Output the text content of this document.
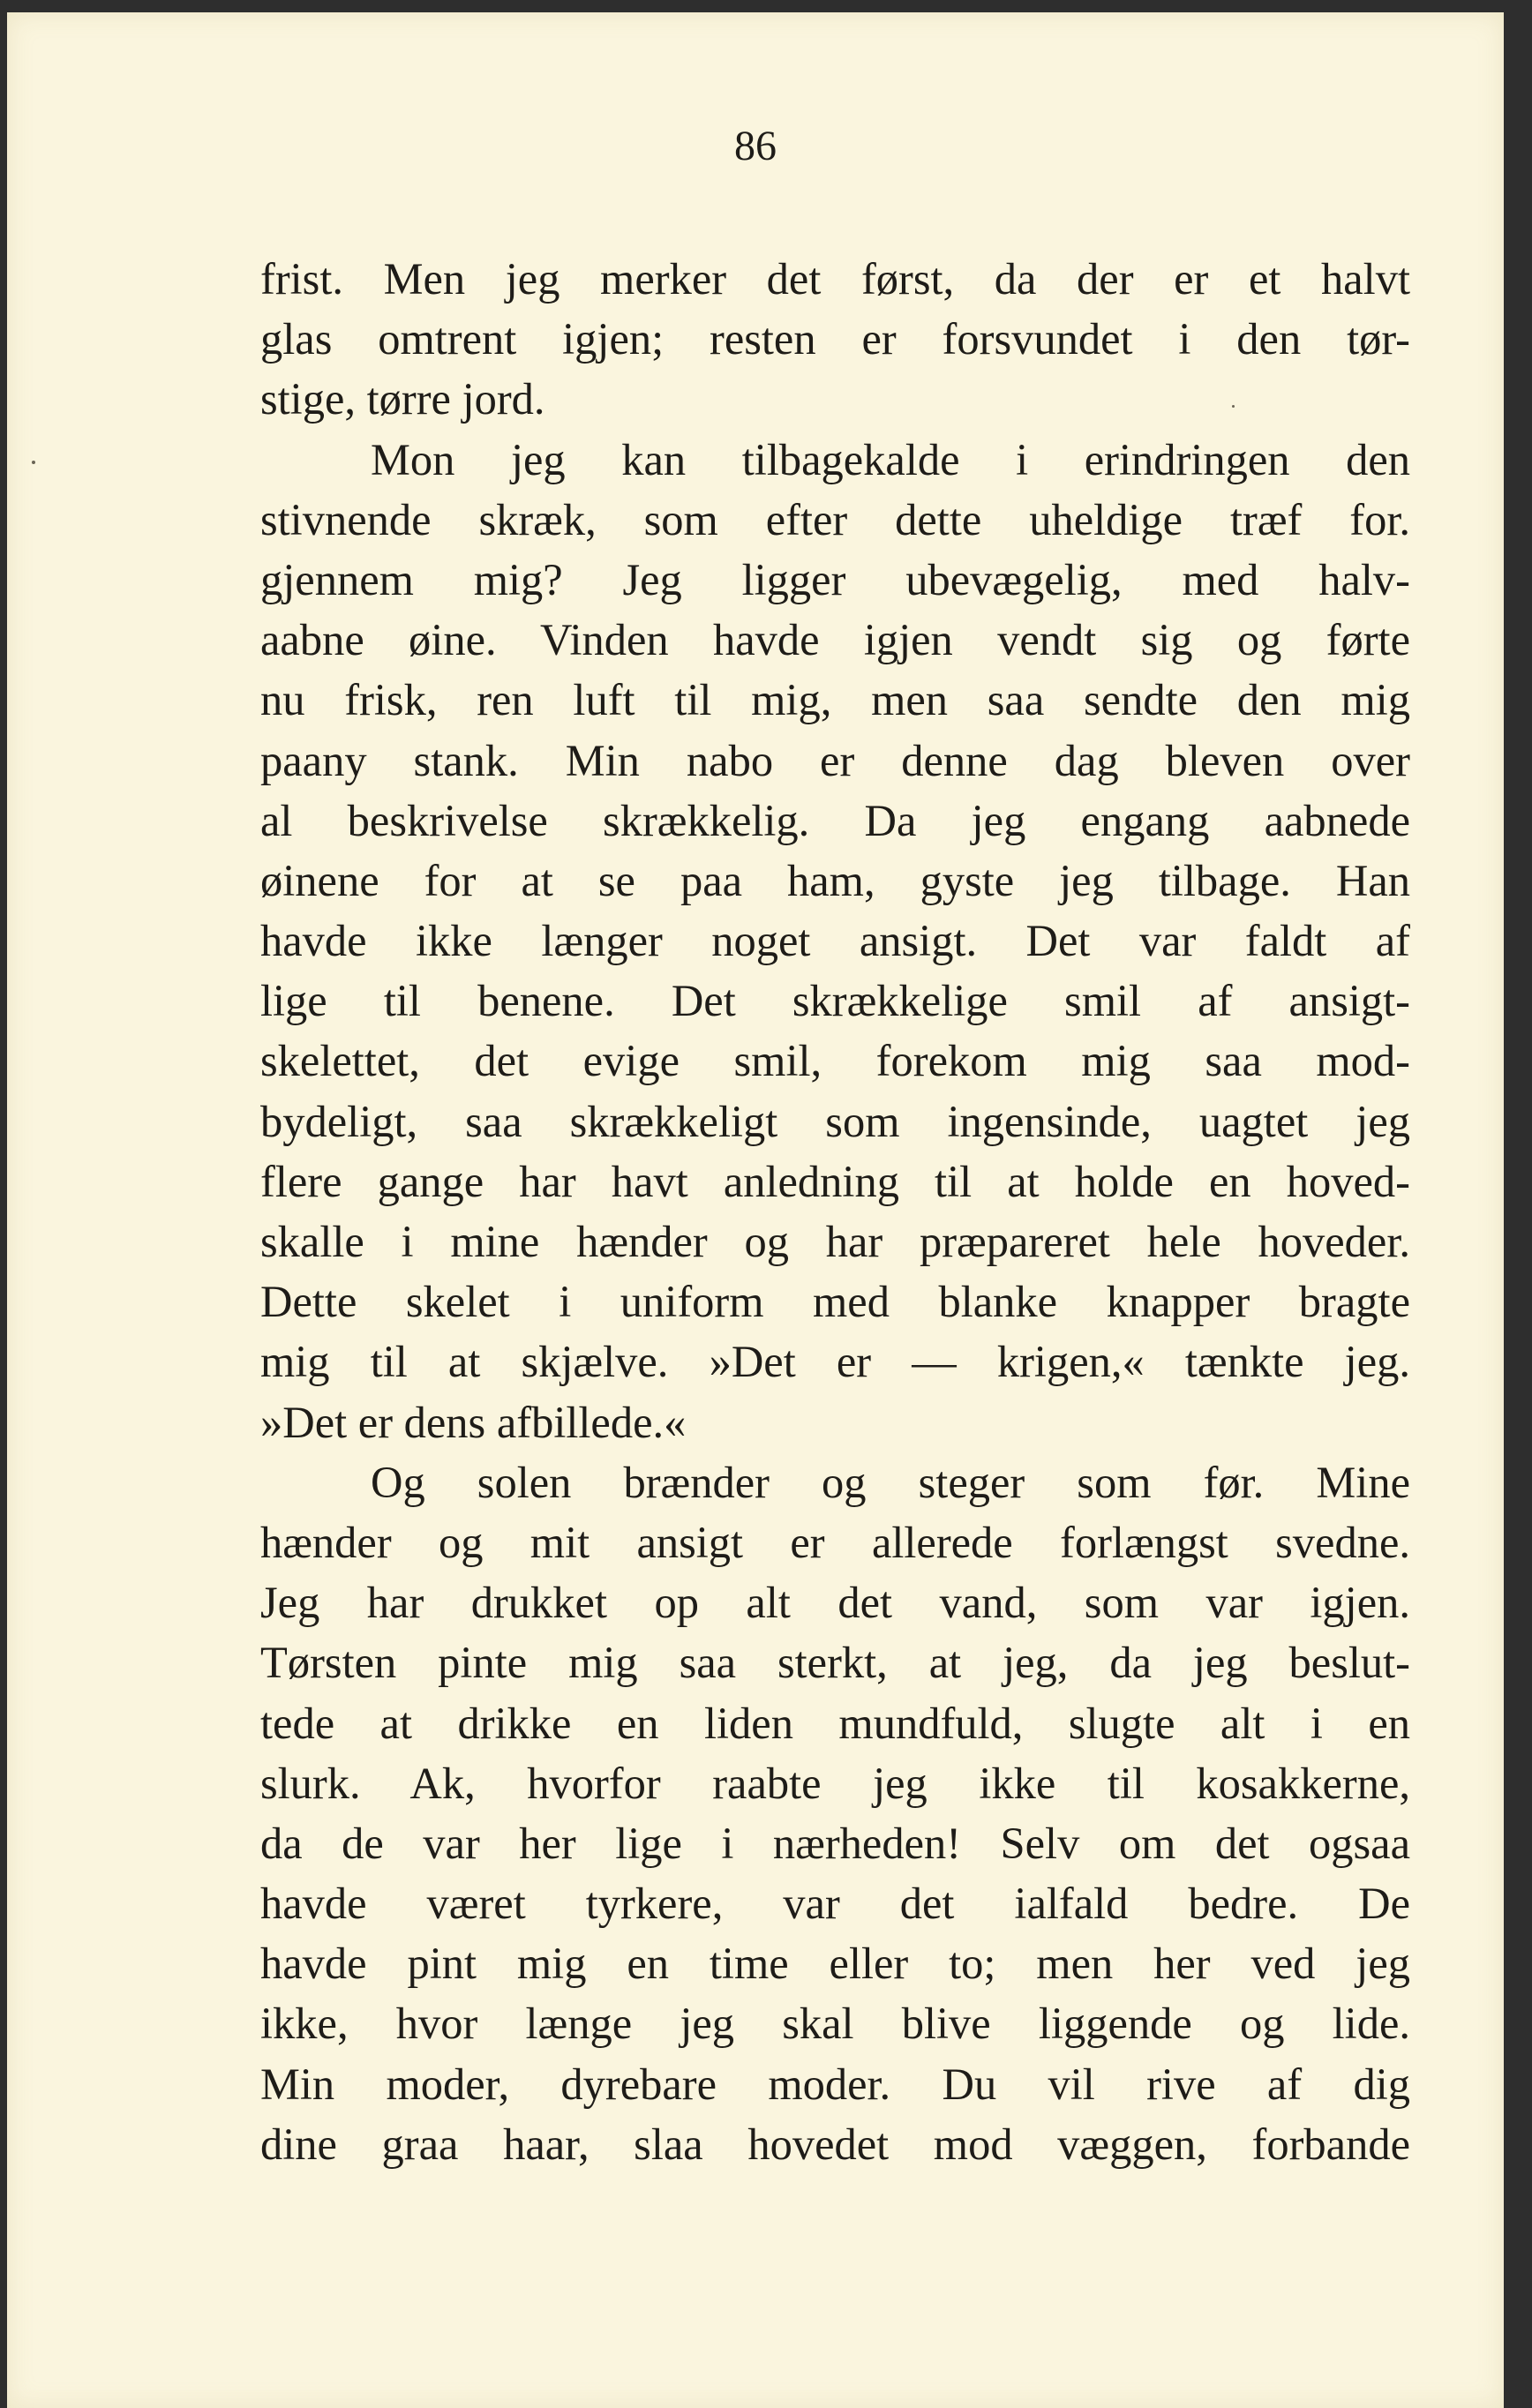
86
frist. Men jeg merker det først, da der er et halvt
glas omtrent igjen; resten er forsvundet i den tør-
stige, tørre jord.
Mon jeg kan tilbagekalde i erindringen den
stivnende skræk, som efter dette uheldige træf for.
gjennem mig? Jeg ligger ubevægelig, med halv-
aabne øine. Vinden havde igjen vendt sig og førte
nu frisk, ren luft til mig, men saa sendte den mig
paany stank. Min nabo er denne dag bleven over
al beskrivelse skrækkelig. Da jeg engang aabnede
øinene for at se paa ham, gyste jeg tilbage. Han
havde ikke længer noget ansigt. Det var faldt af
lige til benene. Det skrækkelige smil af ansigt-
skelettet, det evige smil, forekom mig saa mod-
bydeligt, saa skrækkeligt som ingensinde, uagtet jeg
flere gange har havt anledning til at holde en hoved-
skalle i mine hænder og har præpareret hele hoveder.
Dette skelet i uniform med blanke knapper bragte
mig til at skjælve. »Det er — krigen,« tænkte jeg.
»Det er dens afbillede.«
Og solen brænder og steger som før. Mine
hænder og mit ansigt er allerede forlængst svedne.
Jeg har drukket op alt det vand, som var igjen.
Tørsten pinte mig saa sterkt, at jeg, da jeg beslut-
tede at drikke en liden mundfuld, slugte alt i en
slurk. Ak, hvorfor raabte jeg ikke til kosakkerne,
da de var her lige i nærheden! Selv om det ogsaa
havde været tyrkere, var det ialfald bedre. De
havde pint mig en time eller to; men her ved jeg
ikke, hvor længe jeg skal blive liggende og lide.
Min moder, dyrebare moder. Du vil rive af dig
dine graa haar, slaa hovedet mod væggen, forbande
